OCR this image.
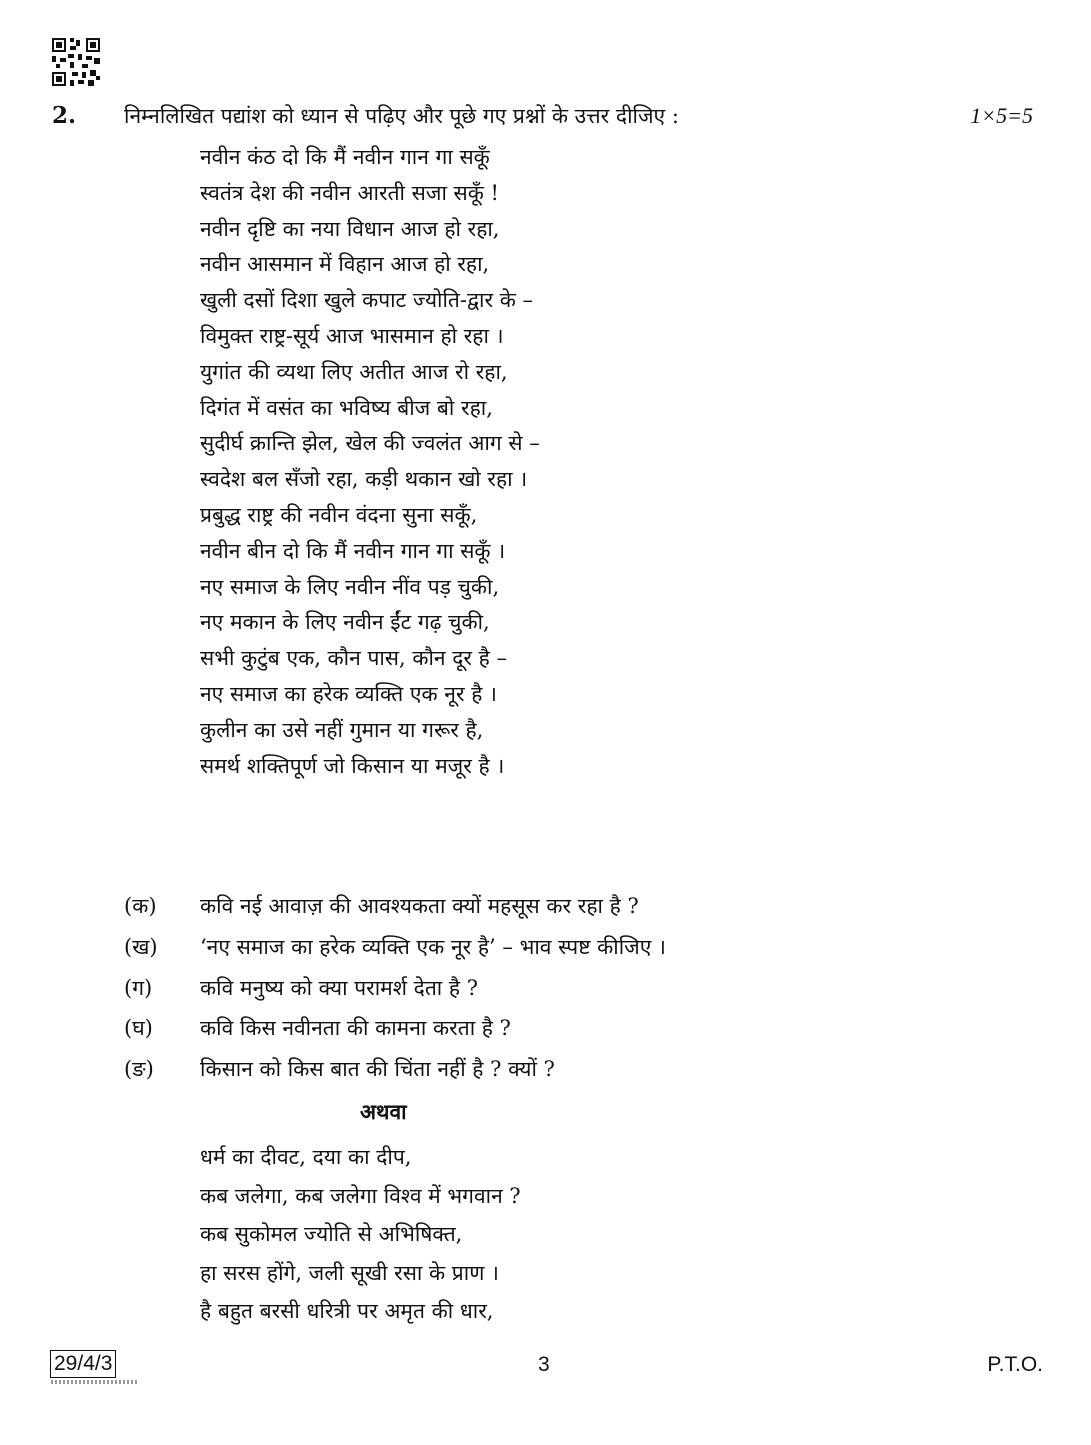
2. निम्नलिखित पद्यांश को ध्यान से पढ़िए और पूछे गए प्रश्नों के उत्तर दीजिए :	1×5=5
नवीन कंठ दो कि मैं नवीन गान गा सकूँ
स्वतंत्र देश की नवीन आरती सजा सकूँ !
नवीन दृष्टि का नया विधान आज हो रहा,
नवीन आसमान में विहान आज हो रहा,
खुली दसों दिशा खुले कपाट ज्योति-द्वार के –
विमुक्त राष्ट्र-सूर्य आज भासमान हो रहा ।
युगांत की व्यथा लिए अतीत आज रो रहा,
दिगंत में वसंत का भविष्य बीज बो रहा,
सुदीर्घ क्रान्ति झेल, खेल की ज्वलंत आग से –
स्वदेश बल सँजो रहा, कड़ी थकान खो रहा ।
प्रबुद्ध राष्ट्र की नवीन वंदना सुना सकूँ,
नवीन बीन दो कि मैं नवीन गान गा सकूँ ।
नए समाज के लिए नवीन नींव पड़ चुकी,
नए मकान के लिए नवीन ईंट गढ़ चुकी,
सभी कुटुंब एक, कौन पास, कौन दूर है –
नए समाज का हरेक व्यक्ति एक नूर है ।
कुलीन का उसे नहीं गुमान या गरूर है,
समर्थ शक्तिपूर्ण जो किसान या मजूर है ।
(क) कवि नई आवाज़ की आवश्यकता क्यों महसूस कर रहा है ?
(ख) ‘नए समाज का हरेक व्यक्ति एक नूर है’ – भाव स्पष्ट कीजिए ।
(ग) कवि मनुष्य को क्या परामर्श देता है ?
(घ) कवि किस नवीनता की कामना करता है ?
(ङ) किसान को किस बात की चिंता नहीं है ? क्यों ?
अथवा
धर्म का दीवट, दया का दीप,
कब जलेगा, कब जलेगा विश्व में भगवान ?
कब सुकोमल ज्योति से अभिषिक्त,
हा सरस होंगे, जली सूखी रसा के प्राण ।
है बहुत बरसी धरित्री पर अमृत की धार,
29/4/3	3	P.T.O.
